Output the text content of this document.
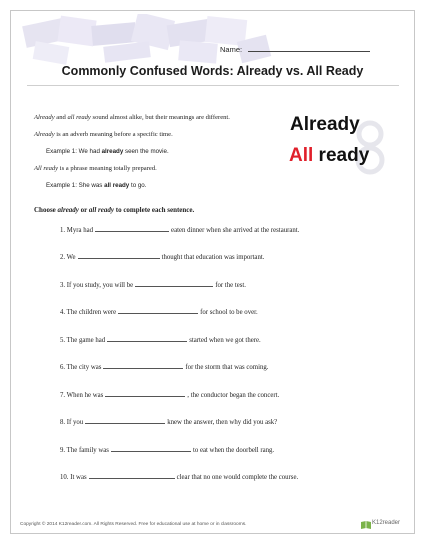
Name:
Commonly Confused Words: Already vs. All Ready

Already and all ready sound almost alike, but their meanings are different.

Already is an adverb meaning before a specific time.

Example 1: We had already seen the movie.

All ready is a phrase meaning totally prepared.

Example 1: She was all ready to go.

Already
All ready
Choose already or all ready to complete each sentence.
1. Myra had	eaten dinner when she arrived at the restaurant.
2. We	thought that education was important.
3. If you study, you will be	for the test.
4. The children were	for school to be over.
5. The game had	started when we got there.
6. The city was	for the storm that was coming.
7. When he was	, the conductor began the concert.
8. If you	knew the answer, then why did you ask?
9. The family was	to eat when the doorbell rang.
10. It was	clear that no one would complete the course.
Copyright © 2014 K12reader.com. All Rights Reserved. Free for educational use at home or in classrooms.	K12reader
